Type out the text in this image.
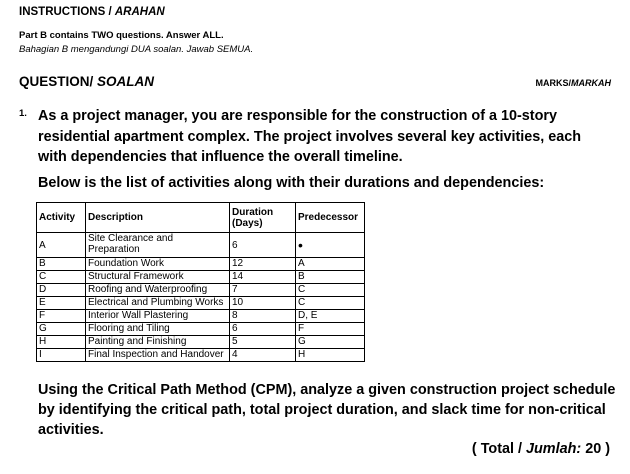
INSTRUCTIONS / ARAHAN
Part B contains TWO questions. Answer ALL.
Bahagian B mengandungi DUA soalan. Jawab SEMUA.
QUESTION/ SOALAN	MARKS/MARKAH
1. As a project manager, you are responsible for the construction of a 10-story residential apartment complex. The project involves several key activities, each with dependencies that influence the overall timeline.
Below is the list of activities along with their durations and dependencies:
Activity	Description	Duration (Days)	Predecessor
A	Site Clearance and Preparation	6	•
B	Foundation Work	12	A
C	Structural Framework	14	B
D	Roofing and Waterproofing	7	C
E	Electrical and Plumbing Works	10	C
F	Interior Wall Plastering	8	D, E
G	Flooring and Tiling	6	F
H	Painting and Finishing	5	G
I	Final Inspection and Handover	4	H
Using the Critical Path Method (CPM), analyze a given construction project schedule by identifying the critical path, total project duration, and slack time for non-critical activities.
( Total / Jumlah: 20 )
